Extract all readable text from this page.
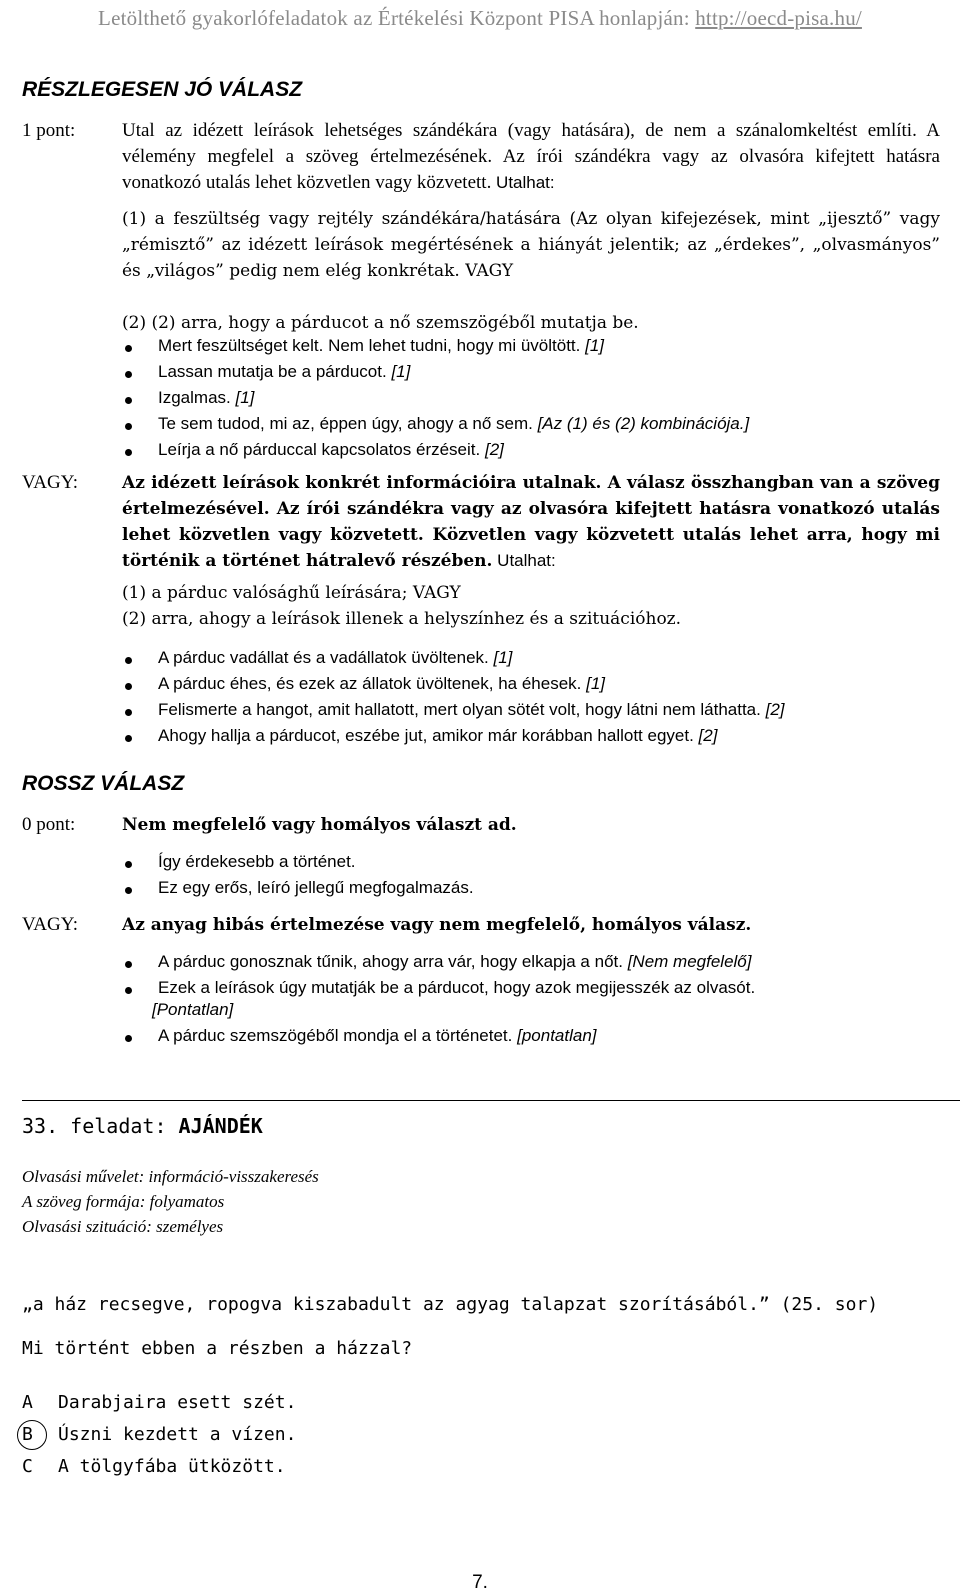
Letölthető gyakorlófeladatok az Értékelési Központ PISA honlapján: http://oecd-pisa.hu/
RÉSZLEGESEN JÓ VÁLASZ
1 pont: Utal az idézett leírások lehetséges szándékára (vagy hatására), de nem a szánalomkeltést említi. A vélemény megfelel a szöveg értelmezésének. Az írói szándékra vagy az olvasóra kifejtett hatásra vonatkozó utalás lehet közvetlen vagy közvetett. Utalhat:
(1) a feszültség vagy rejtély szándékára/hatására (Az olyan kifejezések, mint „ijesztő” vagy „rémisztő” az idézett leírások megértésének a hiányát jelentik; az „érdekes”, „olvasmányos” és „világos” pedig nem elég konkrétak. VAGY
(2) (2) arra, hogy a párducot a nő szemszögéből mutatja be.
Mert feszültséget kelt. Nem lehet tudni, hogy mi üvöltött. [1]
Lassan mutatja be a párducot. [1]
Izgalmas. [1]
Te sem tudod, mi az, éppen úgy, ahogy a nő sem. [Az (1) és (2) kombinációja.]
Leírja a nő párduccal kapcsolatos érzéseit. [2]
VAGY:	Az idézett leírások konkrét információira utalnak. A válasz összhangban van a szöveg értelmezésével. Az írói szándékra vagy az olvasóra kifejtett hatásra vonatkozó utalás lehet közvetlen vagy közvetett. Közvetlen vagy közvetett utalás lehet arra, hogy mi történik a történet hátralevő részében. Utalhat:
(1) a párduc valósághű leírására; VAGY
(2) arra, ahogy a leírások illenek a helyszínhez és a szituációhoz.
A párduc vadállat és a vadállatok üvöltenek. [1]
A párduc éhes, és ezek az állatok üvöltenek, ha éhesek. [1]
Felismerte a hangot, amit hallatott, mert olyan sötét volt, hogy látni nem láthatta. [2]
Ahogy hallja a párducot, eszébe jut, amikor már korábban hallott egyet. [2]
ROSSZ VÁLASZ
0 pont:	Nem megfelelő vagy homályos választ ad.
Így érdekesebb a történet.
Ez egy erős, leíró jellegű megfogalmazás.
VAGY:	Az anyag hibás értelmezése vagy nem megfelelő, homályos válasz.
A párduc gonosznak tűnik, ahogy arra vár, hogy elkapja a nőt. [Nem megfelelő]
Ezek a leírások úgy mutatják be a párducot, hogy azok megijesszék az olvasót.
[Pontatlan]
A párduc szemszögéből mondja el a történetet. [pontatlan]
33. feladat: AJÁNDÉK
Olvasási művelet: információ-visszakeresés
A szöveg formája: folyamatos
Olvasási szituáció: személyes
„a ház recsegve, ropogva kiszabadult az agyag talapzat szorításából.” (25. sor)
Mi történt ebben a részben a házzal?
A Darabjaira esett szét.
B Úszni kezdett a vízen.
C A tölgyfába ütközött.
7.
